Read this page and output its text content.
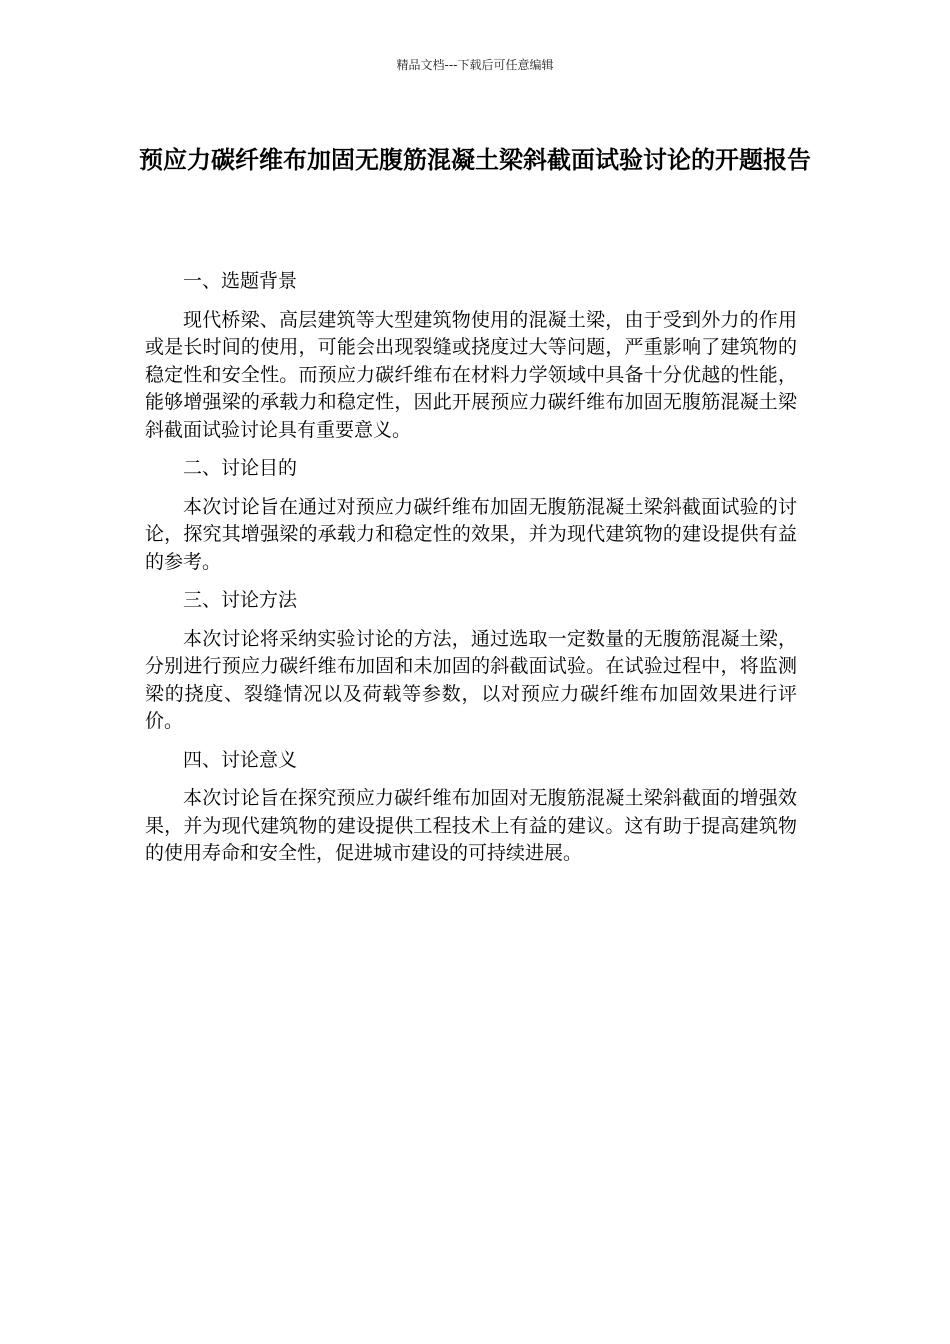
精品文档---下载后可任意编辑
预应力碳纤维布加固无腹筋混凝土梁斜截面试验讨论的开题报告

一、选题背景

现代桥梁、高层建筑等大型建筑物使用的混凝土梁，由于受到外力的作用或是长时间的使用，可能会出现裂缝或挠度过大等问题，严重影响了建筑物的稳定性和安全性。而预应力碳纤维布在材料力学领域中具备十分优越的性能，能够增强梁的承载力和稳定性，因此开展预应力碳纤维布加固无腹筋混凝土梁斜截面试验讨论具有重要意义。

二、讨论目的

本次讨论旨在通过对预应力碳纤维布加固无腹筋混凝土梁斜截面试验的讨论，探究其增强梁的承载力和稳定性的效果，并为现代建筑物的建设提供有益的参考。

三、讨论方法

本次讨论将采纳实验讨论的方法，通过选取一定数量的无腹筋混凝土梁，分别进行预应力碳纤维布加固和未加固的斜截面试验。在试验过程中，将监测梁的挠度、裂缝情况以及荷载等参数，以对预应力碳纤维布加固效果进行评价。

四、讨论意义

本次讨论旨在探究预应力碳纤维布加固对无腹筋混凝土梁斜截面的增强效果，并为现代建筑物的建设提供工程技术上有益的建议。这有助于提高建筑物的使用寿命和安全性，促进城市建设的可持续进展。
